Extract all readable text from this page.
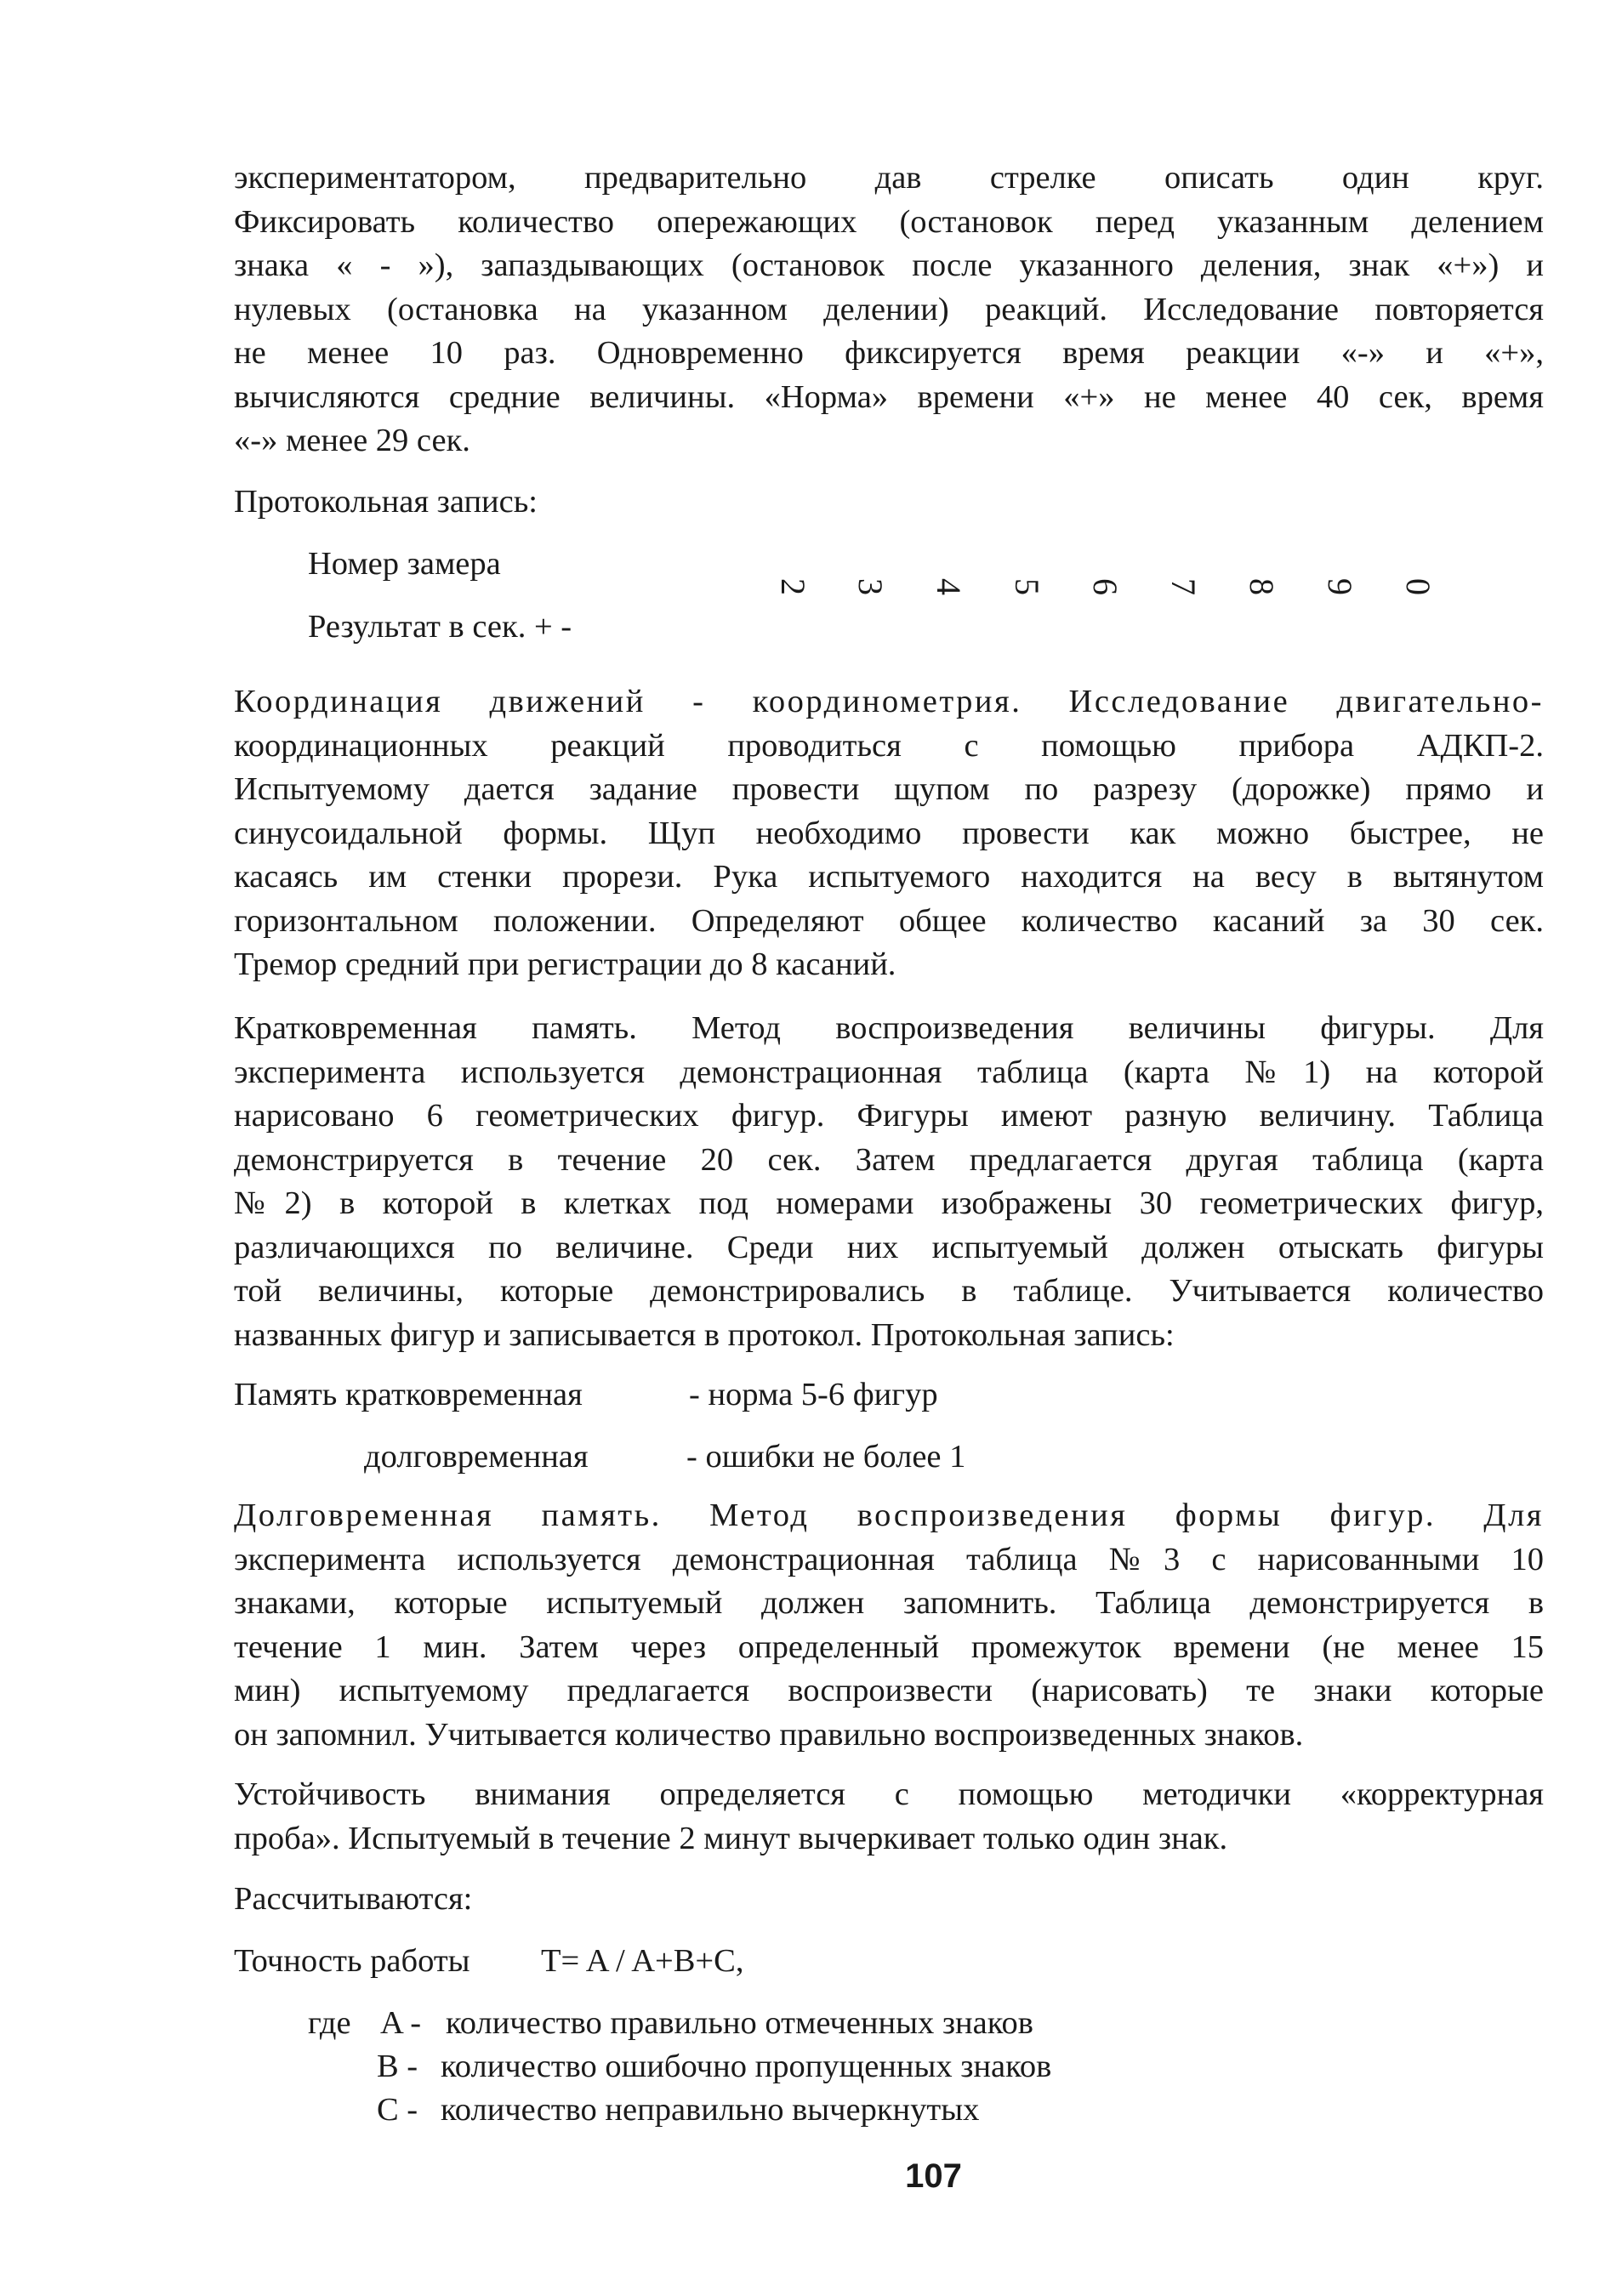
экспериментатором, предварительно дав стрелке описать один круг.
Фиксировать количество опережающих (остановок перед указанным делением
знака « - »), запаздывающих (остановок после указанного деления, знак «+») и
нулевых (остановка на указанном делении) реакций. Исследование повторяется
не менее 10 раз. Одновременно фиксируется время реакции «-» и «+»,
вычисляются средние величины. «Норма» времени «+» не менее 40 сек, время
«-» менее 29 сек.
Протокольная запись:
Номер замера
Результат в сек. + -
2 3 4 5 6 7 8 9 0
Координация движений - координометрия. Исследование двигательно-
координационных реакций проводиться с помощью прибора АДКП-2.
Испытуемому дается задание провести щупом по разрезу (дорожке) прямо и
синусоидальной формы. Щуп необходимо провести как можно быстрее, не
касаясь им стенки прорези. Рука испытуемого находится на весу в вытянутом
горизонтальном положении. Определяют общее количество касаний за 30 сек.
Тремор средний при регистрации до 8 касаний.
Кратковременная память. Метод воспроизведения величины фигуры. Для
эксперимента используется демонстрационная таблица (карта №1) на которой
нарисовано 6 геометрических фигур. Фигуры имеют разную величину. Таблица
демонстрируется в течение 20 сек. Затем предлагается другая таблица (карта
№2) в которой в клетках под номерами изображены 30 геометрических фигур,
различающихся по величине. Среди них испытуемый должен отыскать фигуры
той величины, которые демонстрировались в таблице. Учитывается количество
названных фигур и записывается в протокол. Протокольная запись:
Память кратковременная	- норма 5-6 фигур
долговременная	- ошибки не более 1
Долговременная память. Метод воспроизведения формы фигур. Для
эксперимента используется демонстрационная таблица №3 с нарисованными 10
знаками, которые испытуемый должен запомнить. Таблица демонстрируется в
течение 1 мин. Затем через определенный промежуток времени (не менее 15
мин) испытуемому предлагается воспроизвести (нарисовать) те знаки которые
он запомнил. Учитывается количество правильно воспроизведенных знаков.
Устойчивость внимания определяется с помощью методички «корректурная
проба». Испытуемый в течение 2 минут вычеркивает только один знак.
Рассчитываются:
Точность работы T= A / A+B+C,
где A - количество правильно отмеченных знаков
B - количество ошибочно пропущенных знаков
C - количество неправильно вычеркнутых
107
